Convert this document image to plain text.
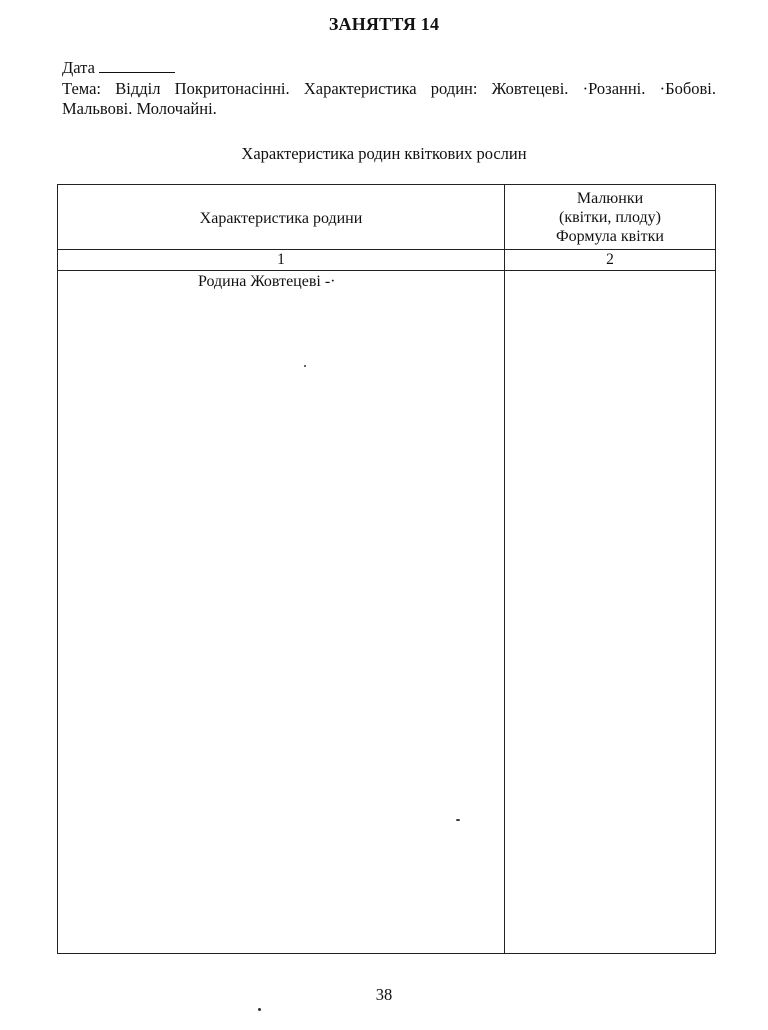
ЗАНЯТТЯ 14
Дата
Тема: Відділ Покритонасінні. Характеристика родин: Жовтецеві. ·Розанні. ·Бобові. Мальвові. Молочайні.
Характеристика родин квіткових рослин
Характеристика родини
Малюнки
(квітки, плоду)
Формула квітки
1	2
Родина Жовтецеві -·
38
